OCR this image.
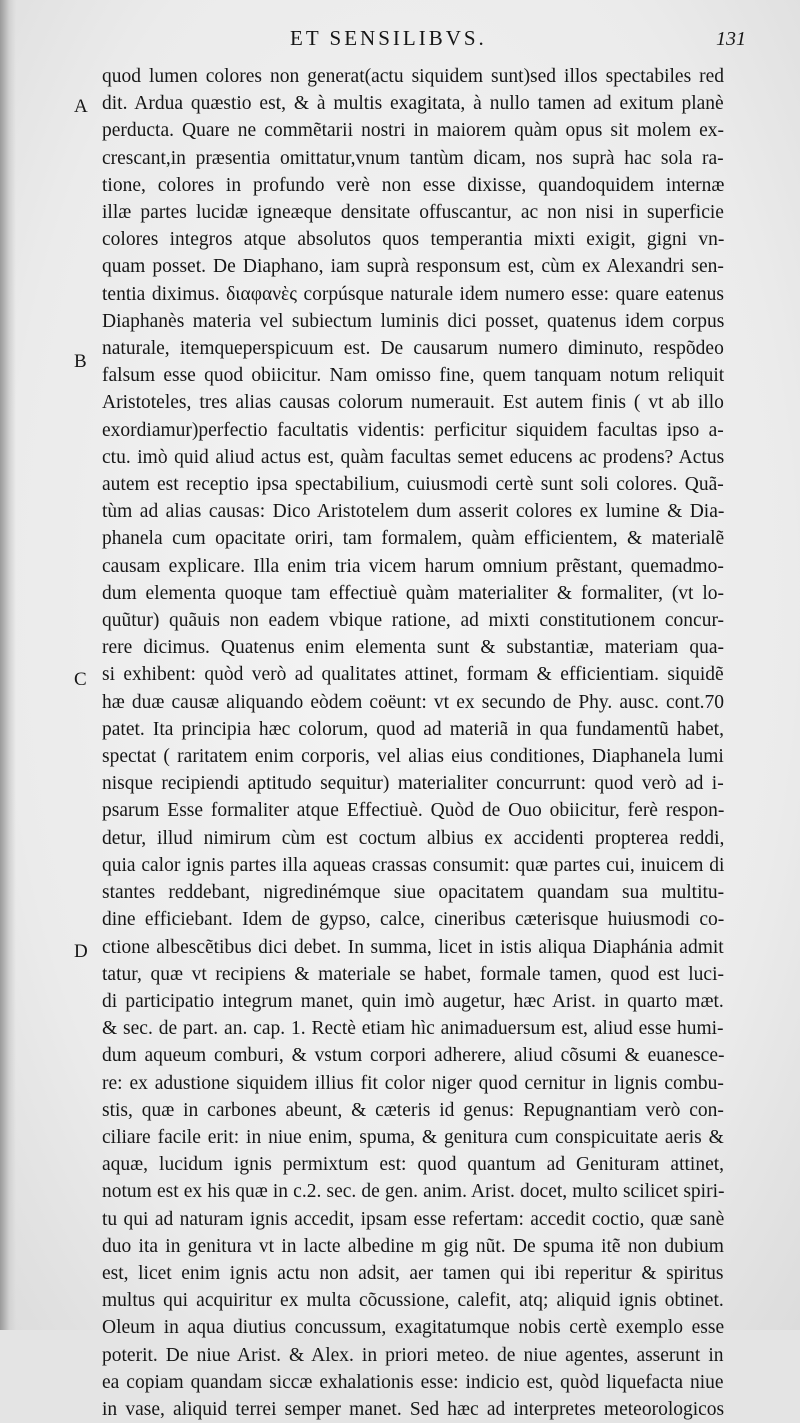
ET SENSILIBVS.	131
A
B
C
D
quod lumen colores non generat(actu siquidem sunt)sed illos spectabiles red
dit. Ardua quæstio est, & à multis exagitata, à nullo tamen ad exitum planè
perducta. Quare ne commẽtarii nostri in maiorem quàm opus sit molem ex-
crescant,in præsentia omittatur,vnum tantùm dicam, nos suprà hac sola ra-
tione, colores in profundo verè non esse dixisse, quandoquidem internæ
illæ partes lucidæ igneæque densitate offuscantur, ac non nisi in superficie
colores integros atque absolutos quos temperantia mixti exigit, gigni vn-
quam posset. De Diaphano, iam suprà responsum est, cùm ex Alexandri sen-
tentia diximus. διαφανὲς corpúsque naturale idem numero esse: quare eatenus
Diaphanès materia vel subiectum luminis dici posset, quatenus idem corpus
naturale, itemqueperspicuum est. De causarum numero diminuto, respõdeo
falsum esse quod obiicitur. Nam omisso fine, quem tanquam notum reliquit
Aristoteles, tres alias causas colorum numerauit. Est autem finis ( vt ab illo
exordiamur)perfectio facultatis videntis: perficitur siquidem facultas ipso a-
ctu. imò quid aliud actus est, quàm facultas semet educens ac prodens? Actus
autem est receptio ipsa spectabilium, cuiusmodi certè sunt soli colores. Quã-
tùm ad alias causas: Dico Aristotelem dum asserit colores ex lumine & Dia-
phanela cum opacitate oriri, tam formalem, quàm efficientem, & materialẽ
causam explicare. Illa enim tria vicem harum omnium prẽstant, quemadmo-
dum elementa quoque tam effectiuè quàm materialiter & formaliter, (vt lo-
quũtur) quãuis non eadem vbique ratione, ad mixti constitutionem concur-
rere dicimus. Quatenus enim elementa sunt & substantiæ, materiam qua-
si exhibent: quòd verò ad qualitates attinet, formam & efficientiam. siquidẽ
hæ duæ causæ aliquando eòdem coëunt: vt ex secundo de Phy. ausc. cont.70
patet. Ita principia hæc colorum, quod ad materiã in qua fundamentũ habet,
spectat ( raritatem enim corporis, vel alias eius conditiones, Diaphanela lumi
nisque recipiendi aptitudo sequitur) materialiter concurrunt: quod verò ad i-
psarum Esse formaliter atque Effectiuè. Quòd de Ouo obiicitur, ferè respon-
detur, illud nimirum cùm est coctum albius ex accidenti propterea reddi,
quia calor ignis partes illa aqueas crassas consumit: quæ partes cui, inuicem di
stantes reddebant, nigredinémque siue opacitatem quandam sua multitu-
dine efficiebant. Idem de gypso, calce, cineribus cæterisque huiusmodi co-
ctione albescẽtibus dici debet. In summa, licet in istis aliqua Diaphánia admit
tatur, quæ vt recipiens & materiale se habet, formale tamen, quod est luci-
di participatio integrum manet, quin imò augetur, hæc Arist. in quarto mæt.
& sec. de part. an. cap. 1. Rectè etiam hìc animaduersum est, aliud esse humi-
dum aqueum comburi, & vstum corpori adherere, aliud cõsumi & euanesce-
re: ex adustione siquidem illius fit color niger quod cernitur in lignis combu-
stis, quæ in carbones abeunt, & cæteris id genus: Repugnantiam verò con-
ciliare facile erit: in niue enim, spuma, & genitura cum conspicuitate aeris &
aquæ, lucidum ignis permixtum est: quod quantum ad Genituram attinet,
notum est ex his quæ in c.2. sec. de gen. anim. Arist. docet, multo scilicet spiri-
tu qui ad naturam ignis accedit, ipsam esse refertam: accedit coctio, quæ sanè
duo ita in genitura vt in lacte albedine m gig nũt. De spuma itẽ non dubium
est, licet enim ignis actu non adsit, aer tamen qui ibi reperitur & spiritus
multus qui acquiritur ex multa cõcussione, calefit, atq; aliquid ignis obtinet.
Oleum in aqua diutius concussum, exagitatumque nobis certè exemplo esse
poterit. De niue Arist. & Alex. in priori meteo. de niue agentes, asserunt in
ea copiam quandam siccæ exhalationis esse: indicio est, quòd liquefacta niue
in vase, aliquid terrei semper manet. Sed hæc ad interpretes meteorologicos
